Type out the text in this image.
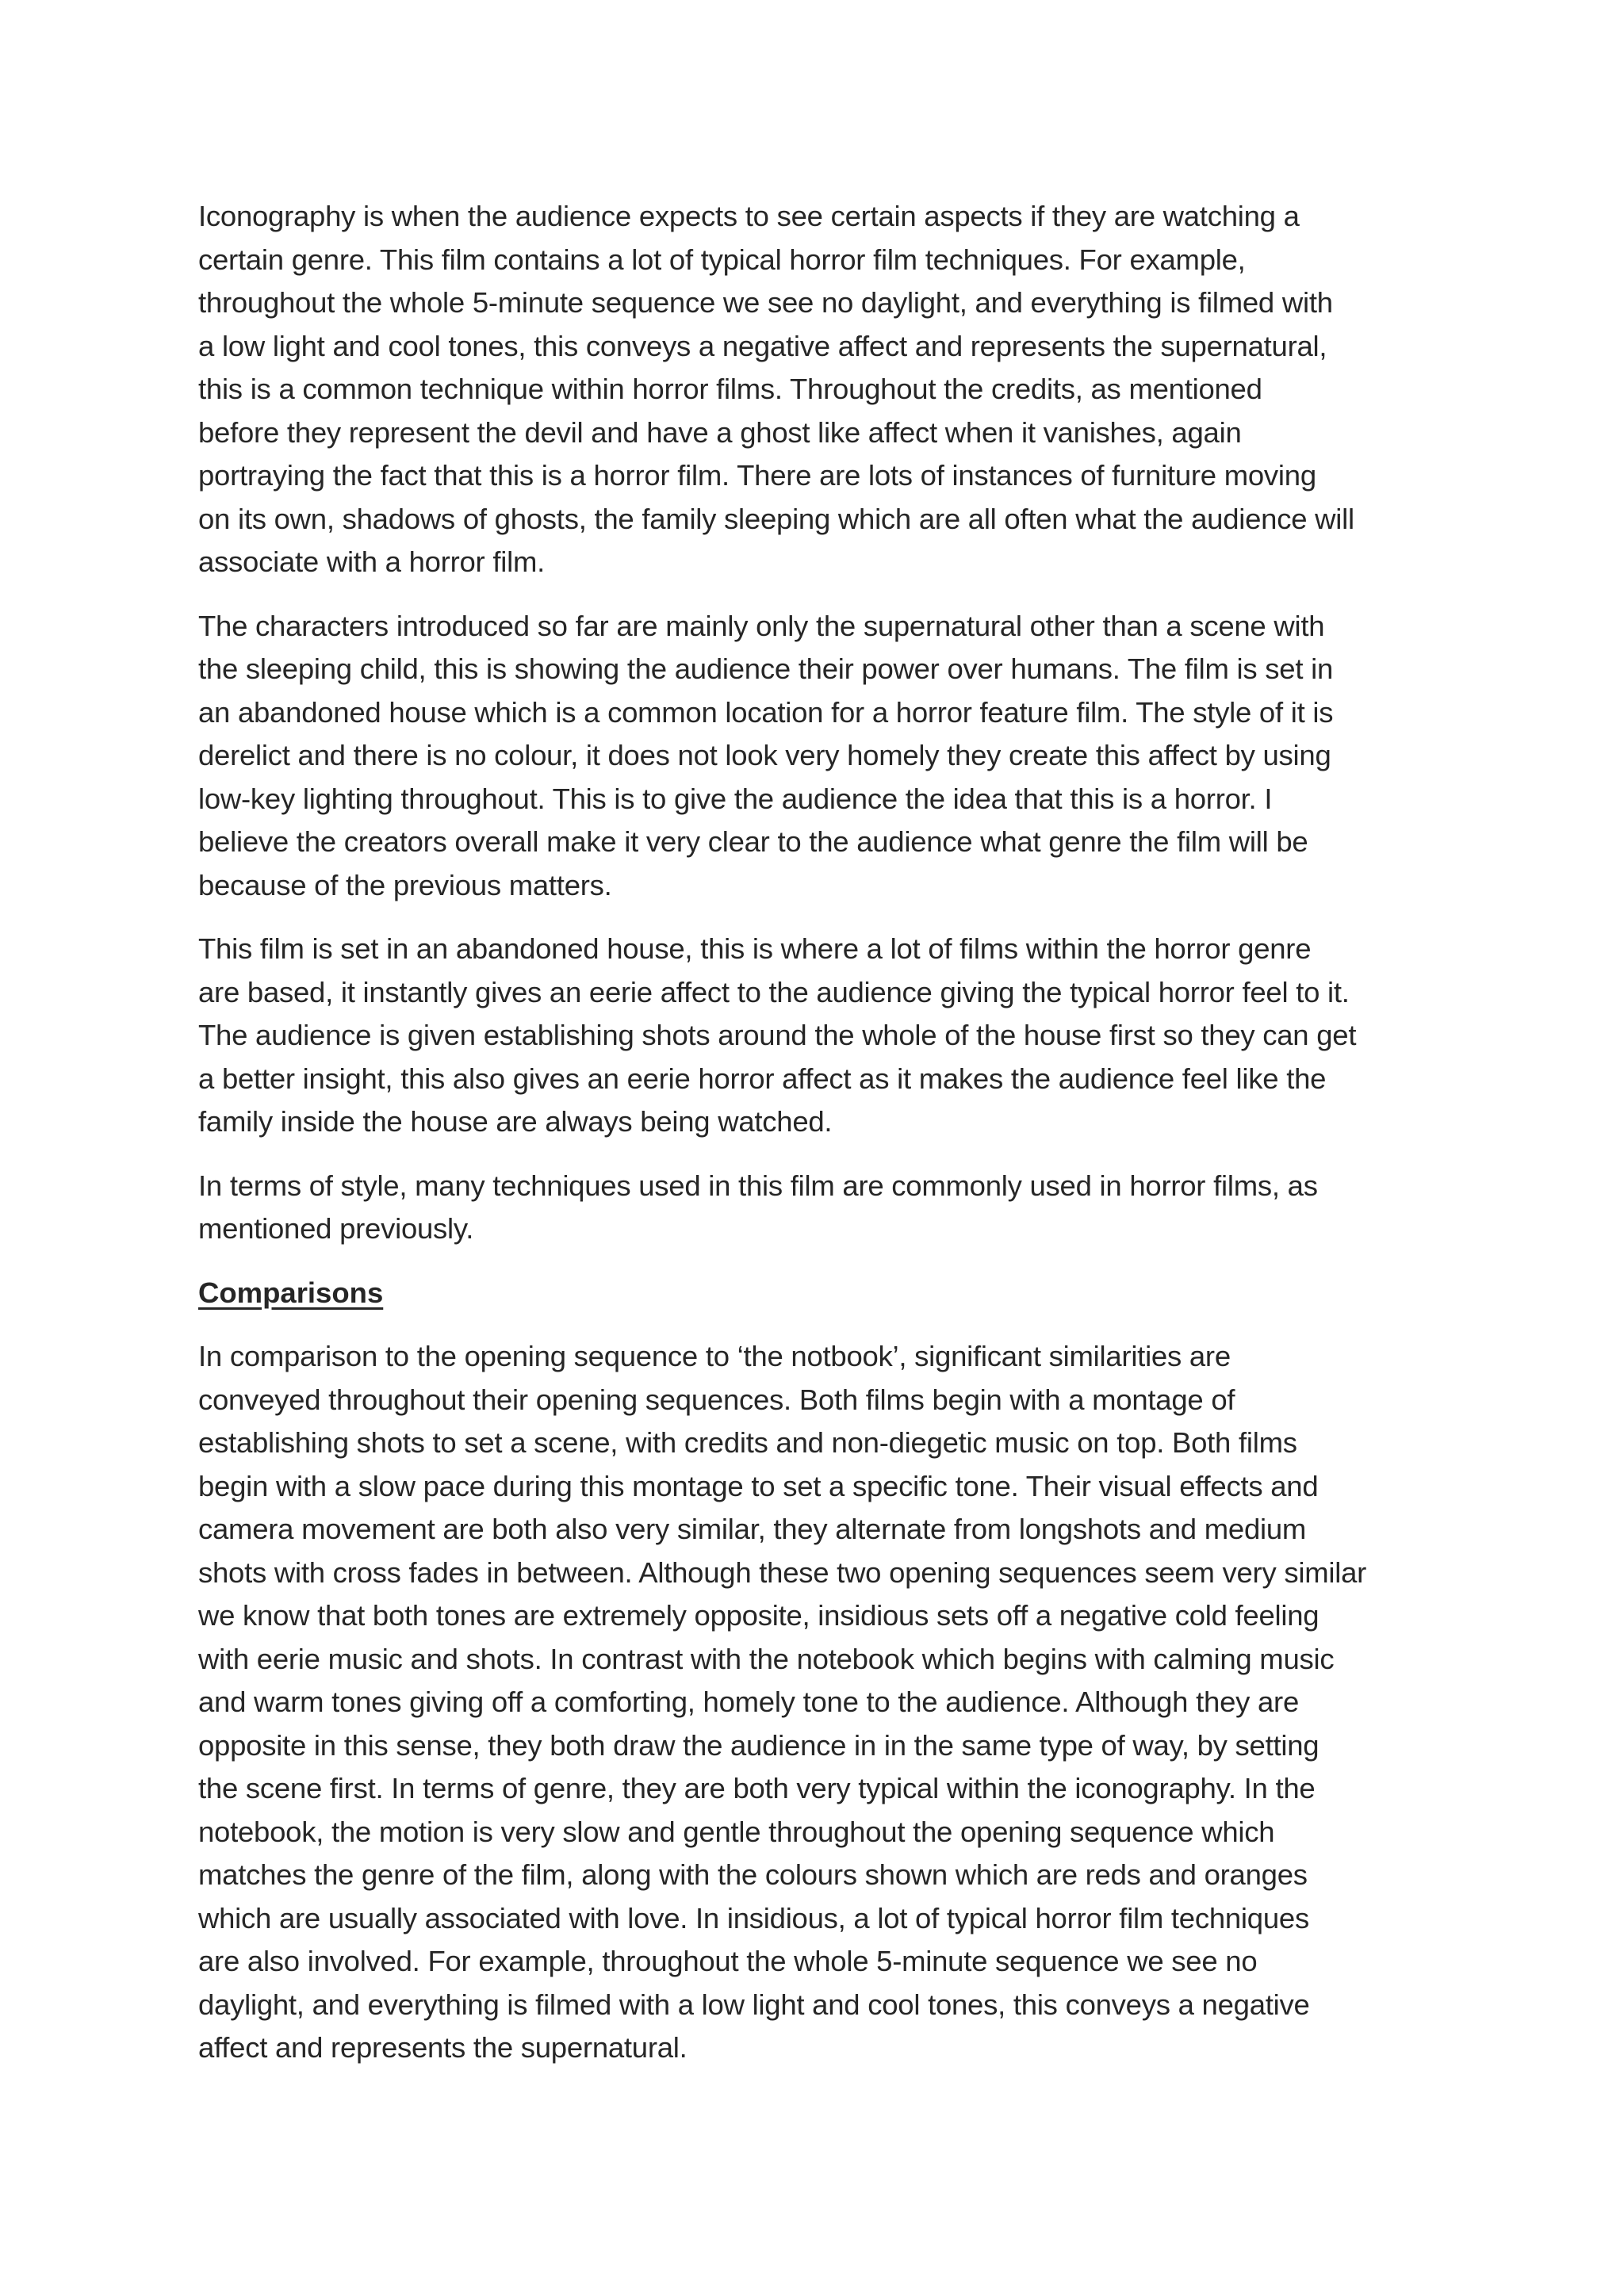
Iconography is when the audience expects to see certain aspects if they are watching a
certain genre. This film contains a lot of typical horror film techniques. For example,
throughout the whole 5-minute sequence we see no daylight, and everything is filmed with
a low light and cool tones, this conveys a negative affect and represents the supernatural,
this is a common technique within horror films. Throughout the credits, as mentioned
before they represent the devil and have a ghost like affect when it vanishes, again
portraying the fact that this is a horror film. There are lots of instances of furniture moving
on its own, shadows of ghosts, the family sleeping which are all often what the audience will
associate with a horror film.
The characters introduced so far are mainly only the supernatural other than a scene with
the sleeping child, this is showing the audience their power over humans. The film is set in
an abandoned house which is a common location for a horror feature film. The style of it is
derelict and there is no colour, it does not look very homely they create this affect by using
low-key lighting throughout. This is to give the audience the idea that this is a horror. I
believe the creators overall make it very clear to the audience what genre the film will be
because of the previous matters.
This film is set in an abandoned house, this is where a lot of films within the horror genre
are based, it instantly gives an eerie affect to the audience giving the typical horror feel to it.
The audience is given establishing shots around the whole of the house first so they can get
a better insight, this also gives an eerie horror affect as it makes the audience feel like the
family inside the house are always being watched.
In terms of style, many techniques used in this film are commonly used in horror films, as
mentioned previously.
Comparisons
In comparison to the opening sequence to ‘the notbook’, significant similarities are
conveyed throughout their opening sequences. Both films begin with a montage of
establishing shots to set a scene, with credits and non-diegetic music on top. Both films
begin with a slow pace during this montage to set a specific tone. Their visual effects and
camera movement are both also very similar, they alternate from longshots and medium
shots with cross fades in between. Although these two opening sequences seem very similar
we know that both tones are extremely opposite, insidious sets off a negative cold feeling
with eerie music and shots. In contrast with the notebook which begins with calming music
and warm tones giving off a comforting, homely tone to the audience. Although they are
opposite in this sense, they both draw the audience in in the same type of way, by setting
the scene first. In terms of genre, they are both very typical within the iconography. In the
notebook, the motion is very slow and gentle throughout the opening sequence which
matches the genre of the film, along with the colours shown which are reds and oranges
which are usually associated with love. In insidious, a lot of typical horror film techniques
are also involved. For example, throughout the whole 5-minute sequence we see no
daylight, and everything is filmed with a low light and cool tones, this conveys a negative
affect and represents the supernatural.
